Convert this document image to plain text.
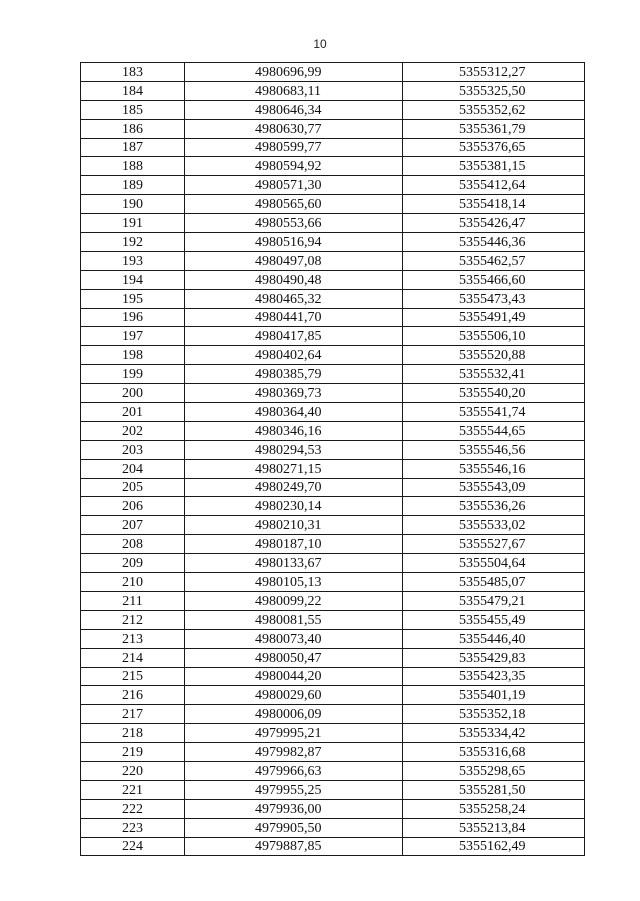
10
183	4980696,99	5355312,27
184	4980683,11	5355325,50
185	4980646,34	5355352,62
186	4980630,77	5355361,79
187	4980599,77	5355376,65
188	4980594,92	5355381,15
189	4980571,30	5355412,64
190	4980565,60	5355418,14
191	4980553,66	5355426,47
192	4980516,94	5355446,36
193	4980497,08	5355462,57
194	4980490,48	5355466,60
195	4980465,32	5355473,43
196	4980441,70	5355491,49
197	4980417,85	5355506,10
198	4980402,64	5355520,88
199	4980385,79	5355532,41
200	4980369,73	5355540,20
201	4980364,40	5355541,74
202	4980346,16	5355544,65
203	4980294,53	5355546,56
204	4980271,15	5355546,16
205	4980249,70	5355543,09
206	4980230,14	5355536,26
207	4980210,31	5355533,02
208	4980187,10	5355527,67
209	4980133,67	5355504,64
210	4980105,13	5355485,07
211	4980099,22	5355479,21
212	4980081,55	5355455,49
213	4980073,40	5355446,40
214	4980050,47	5355429,83
215	4980044,20	5355423,35
216	4980029,60	5355401,19
217	4980006,09	5355352,18
218	4979995,21	5355334,42
219	4979982,87	5355316,68
220	4979966,63	5355298,65
221	4979955,25	5355281,50
222	4979936,00	5355258,24
223	4979905,50	5355213,84
224	4979887,85	5355162,49
